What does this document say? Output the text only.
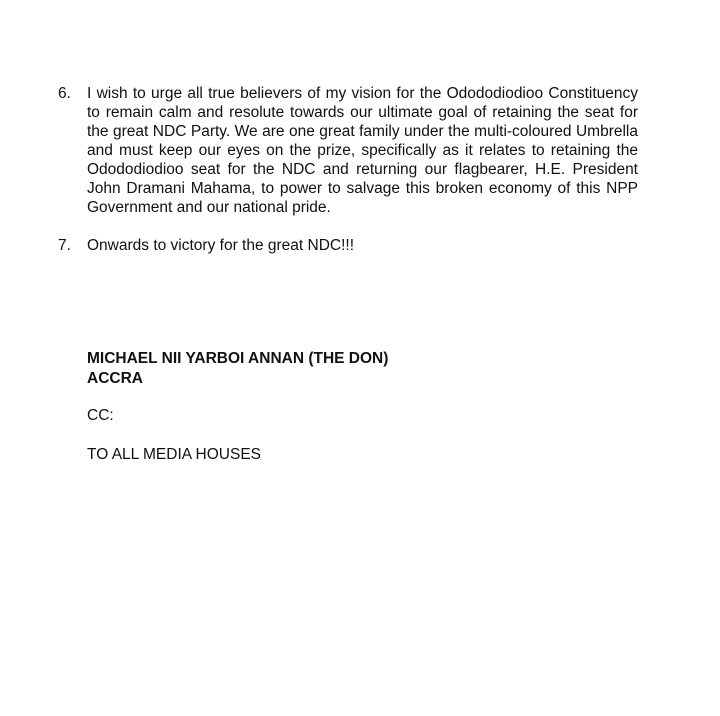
6.	I wish to urge all true believers of my vision for the Odododiodioo Constituency
to remain calm and resolute towards our ultimate goal of retaining the seat for
the great NDC Party. We are one great family under the multi-coloured Umbrella
and must keep our eyes on the prize, specifically as it relates to retaining the
Odododiodioo seat for the NDC and returning our flagbearer, H.E. President
John Dramani Mahama, to power to salvage this broken economy of this NPP
Government and our national pride.
7.	Onwards to victory for the great NDC!!!
MICHAEL NII YARBOI ANNAN (THE DON)
ACCRA
CC:
TO ALL MEDIA HOUSES
